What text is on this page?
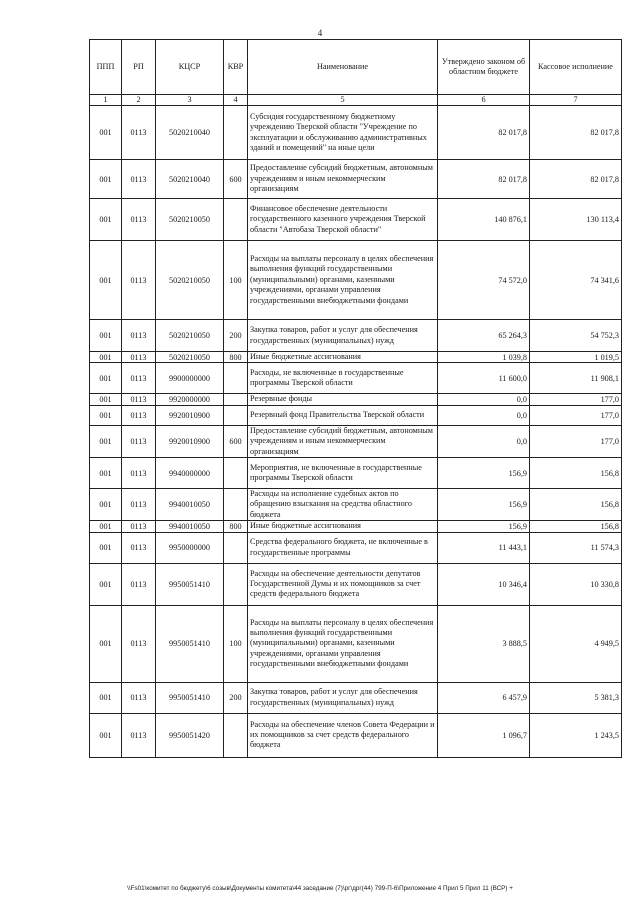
4
ППП	РП	КЦСР	КВР	Наименование	Утверждено законом об областном бюджете	Кассовое исполнение
1	2	3	4	5	6	7
001	0113	5020210040		Субсидия государственному бюджетному учреждению Тверской области "Учреждение по эксплуатации и обслуживанию административных зданий и помещений" на иные цели	82 017,8	82 017,8
001	0113	5020210040	600	Предоставление субсидий бюджетным, автономным учреждениям и иным некоммерческим организациям	82 017,8	82 017,8
001	0113	5020210050		Финансовое обеспечение деятельности государственного казенного учреждения Тверской области "Автобаза Тверской области"	140 876,1	130 113,4
001	0113	5020210050	100	Расходы на выплаты персоналу в целях обеспечения выполнения функций государственными (муниципальными) органами, казенными учреждениями, органами управления государственными внебюджетными фондами	74 572,0	74 341,6
001	0113	5020210050	200	Закупка товаров, работ и услуг для обеспечения государственных (муниципальных) нужд	65 264,3	54 752,3
001	0113	5020210050	800	Иные бюджетные ассигнования	1 039,8	1 019,5
001	0113	9900000000		Расходы, не включенные в государственные программы Тверской области	11 600,0	11 908,1
001	0113	9920000000		Резервные фонды	0,0	177,0
001	0113	9920010900		Резервный фонд Правительства Тверской области	0,0	177,0
001	0113	9920010900	600	Предоставление субсидий бюджетным, автономным учреждениям и иным некоммерческим организациям	0,0	177,0
001	0113	9940000000		Мероприятия, не включенные в государственные программы Тверской области	156,9	156,8
001	0113	9940010050		Расходы на исполнение судебных актов по обращению взыскания на средства областного бюджета	156,9	156,8
001	0113	9940010050	800	Иные бюджетные ассигнования	156,9	156,8
001	0113	9950000000		Средства федерального бюджета, не включенные в государственные программы	11 443,1	11 574,3
001	0113	9950051410		Расходы на обеспечение деятельности депутатов Государственной Думы и их помощников за счет средств федерального бюджета	10 346,4	10 330,8
001	0113	9950051410	100	Расходы на выплаты персоналу в целях обеспечения выполнения функций государственными (муниципальными) органами, казенными учреждениями, органами управления государственными внебюджетными фондами	3 888,5	4 949,5
001	0113	9950051410	200	Закупка товаров, работ и услуг для обеспечения государственных (муниципальных) нужд	6 457,9	5 381,3
001	0113	9950051420		Расходы на обеспечение членов Совета Федерации и их помощников за счет средств федерального бюджета	1 096,7	1 243,5
\\Fs01\комитет по бюджету\6 созыв\Документы комитета\44 заседание (7)\рг\дрг(44) 799-П-6\Приложение 4 Прил 5 Прил 11 (ВСР) +
